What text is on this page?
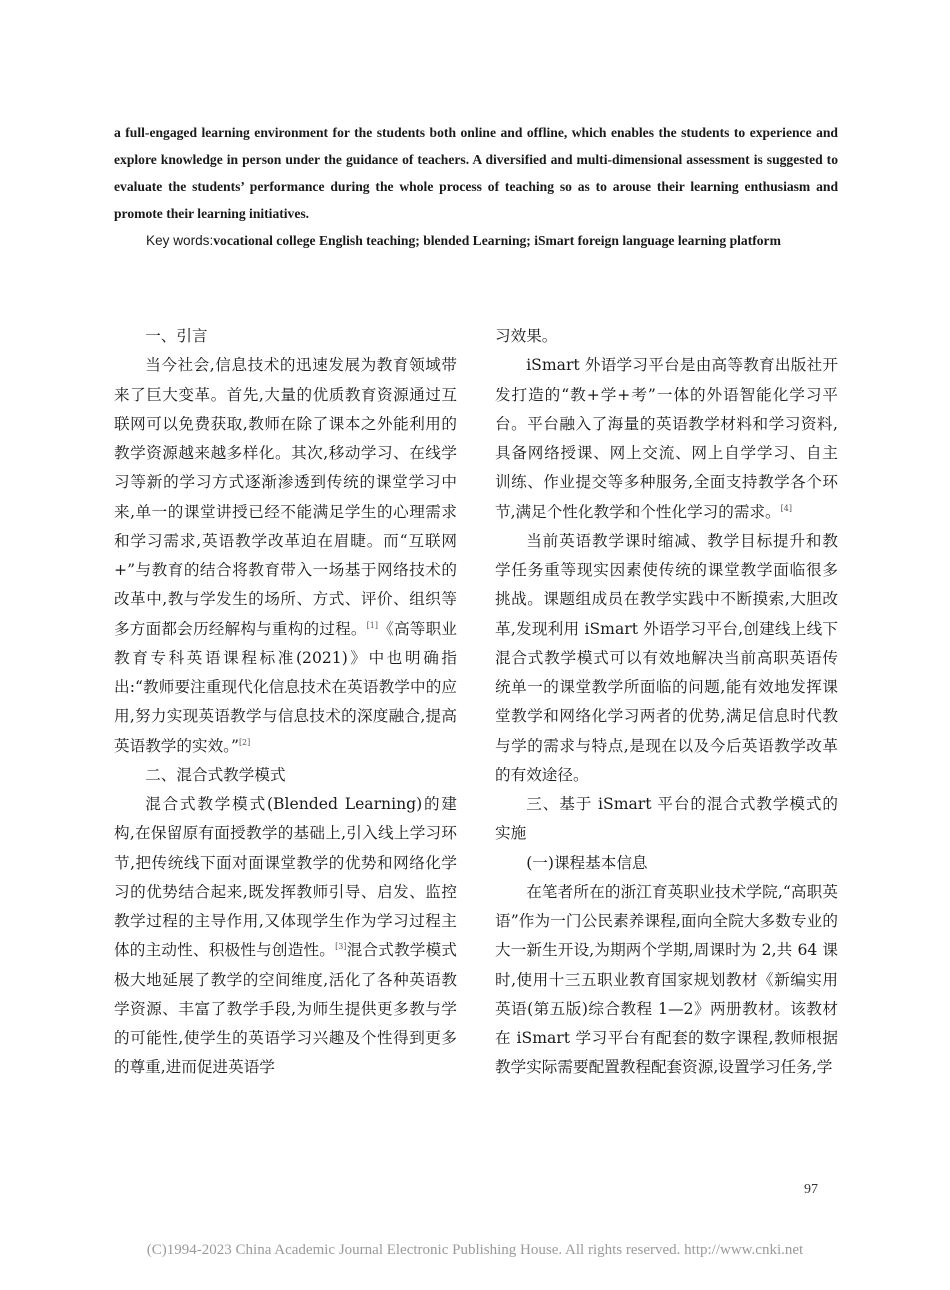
a full-engaged learning environment for the students both online and offline, which enables the students to experience and explore knowledge in person under the guidance of teachers. A diversified and multi-dimensional assessment is suggested to evaluate the students’ performance during the whole process of teaching so as to arouse their learning enthusiasm and promote their learning initiatives.

Key words:vocational college English teaching; blended Learning; iSmart foreign language learning platform

一、引言

当今社会,信息技术的迅速发展为教育领域带来了巨大变革。首先,大量的优质教育资源通过互联网可以免费获取,教师在除了课本之外能利用的教学资源越来越多样化。其次,移动学习、在线学习等新的学习方式逐渐渗透到传统的课堂学习中来,单一的课堂讲授已经不能满足学生的心理需求和学习需求,英语教学改革迫在眉睫。而“互联网+”与教育的结合将教育带入一场基于网络技术的改革中,教与学发生的场所、方式、评价、组织等多方面都会历经解构与重构的过程。[1]《高等职业教育专科英语课程标准(2021)》中也明确指出:“教师要注重现代化信息技术在英语教学中的应用,努力实现英语教学与信息技术的深度融合,提高英语教学的实效。”[2]

二、混合式教学模式

混合式教学模式(Blended Learning)的建构,在保留原有面授教学的基础上,引入线上学习环节,把传统线下面对面课堂教学的优势和网络化学习的优势结合起来,既发挥教师引导、启发、监控教学过程的主导作用,又体现学生作为学习过程主体的主动性、积极性与创造性。[3]混合式教学模式极大地延展了教学的空间维度,活化了各种英语教学资源、丰富了教学手段,为师生提供更多教与学的可能性,使学生的英语学习兴趣及个性得到更多的尊重,进而促进英语学

习效果。

iSmart 外语学习平台是由高等教育出版社开发打造的“教+学+考”一体的外语智能化学习平台。平台融入了海量的英语教学材料和学习资料,具备网络授课、网上交流、网上自学学习、自主训练、作业提交等多种服务,全面支持教学各个环节,满足个性化教学和个性化学习的需求。[4]

当前英语教学课时缩减、教学目标提升和教学任务重等现实因素使传统的课堂教学面临很多挑战。课题组成员在教学实践中不断摸索,大胆改革,发现利用 iSmart 外语学习平台,创建线上线下混合式教学模式可以有效地解决当前高职英语传统单一的课堂教学所面临的问题,能有效地发挥课堂教学和网络化学习两者的优势,满足信息时代教与学的需求与特点,是现在以及今后英语教学改革的有效途径。

三、基于 iSmart 平台的混合式教学模式的实施

(一)课程基本信息

在笔者所在的浙江育英职业技术学院,“高职英语”作为一门公民素养课程,面向全院大多数专业的大一新生开设,为期两个学期,周课时为 2,共 64 课时,使用十三五职业教育国家规划教材《新编实用英语(第五版)综合教程 1—2》两册教材。该教材在 iSmart 学习平台有配套的数字课程,教师根据教学实际需要配置教程配套资源,设置学习任务,学

97
(C)1994-2023 China Academic Journal Electronic Publishing House. All rights reserved. http://www.cnki.net
